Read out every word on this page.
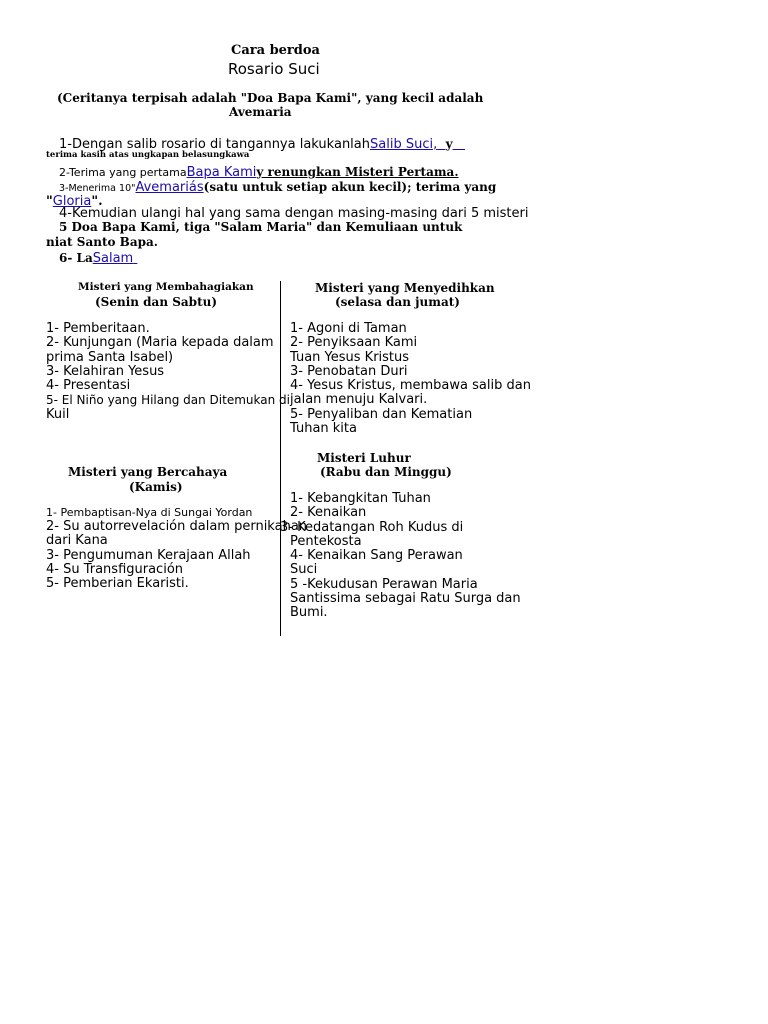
Cara berdoa
Rosario Suci
(Ceritanya terpisah adalah "Doa Bapa Kami", yang kecil adalah
Avemaria
1-Dengan salib rosario di tangannya lakukanlahSalib Suci, y
terima kasih atas ungkapan belasungkawa
2-Terima yang pertamaBapa Kamiy renungkan Misteri Pertama.
3-Menerima 10"Avemariás(satu untuk setiap akun kecil); terima yang
"Gloria".
4-Kemudian ulangi hal yang sama dengan masing-masing dari 5 misteri
5 Doa Bapa Kami, tiga "Salam Maria" dan Kemuliaan untuk
niat Santo Bapa.
6- LaSalam
Misteri yang Membahagiakan
(Senin dan Sabtu)
Misteri yang Menyedihkan
(selasa dan jumat)
1- Pemberitaan.
2- Kunjungan (Maria kepada dalam
prima Santa Isabel)
3- Kelahiran Yesus
4- Presentasi
5- El Niño yang Hilang dan Ditemukan di
Kuil
1- Agoni di Taman
2- Penyiksaan Kami
Tuan Yesus Kristus
3- Penobatan Duri
4- Yesus Kristus, membawa salib dan
jalan menuju Kalvari.
5- Penyaliban dan Kematian
Tuhan kita
Misteri Luhur
(Rabu dan Minggu)
Misteri yang Bercahaya
(Kamis)
1- Pembaptisan-Nya di Sungai Yordan
2- Su autorrevelación dalam pernikahan
dari Kana
3- Pengumuman Kerajaan Allah
4- Su Transfiguración
5- Pemberian Ekaristi.
1- Kebangkitan Tuhan
2- Kenaikan
3- Kedatangan Roh Kudus di
Pentekosta
4- Kenaikan Sang Perawan
Suci
5 -Kekudusan Perawan Maria
Santissima sebagai Ratu Surga dan
Bumi.
